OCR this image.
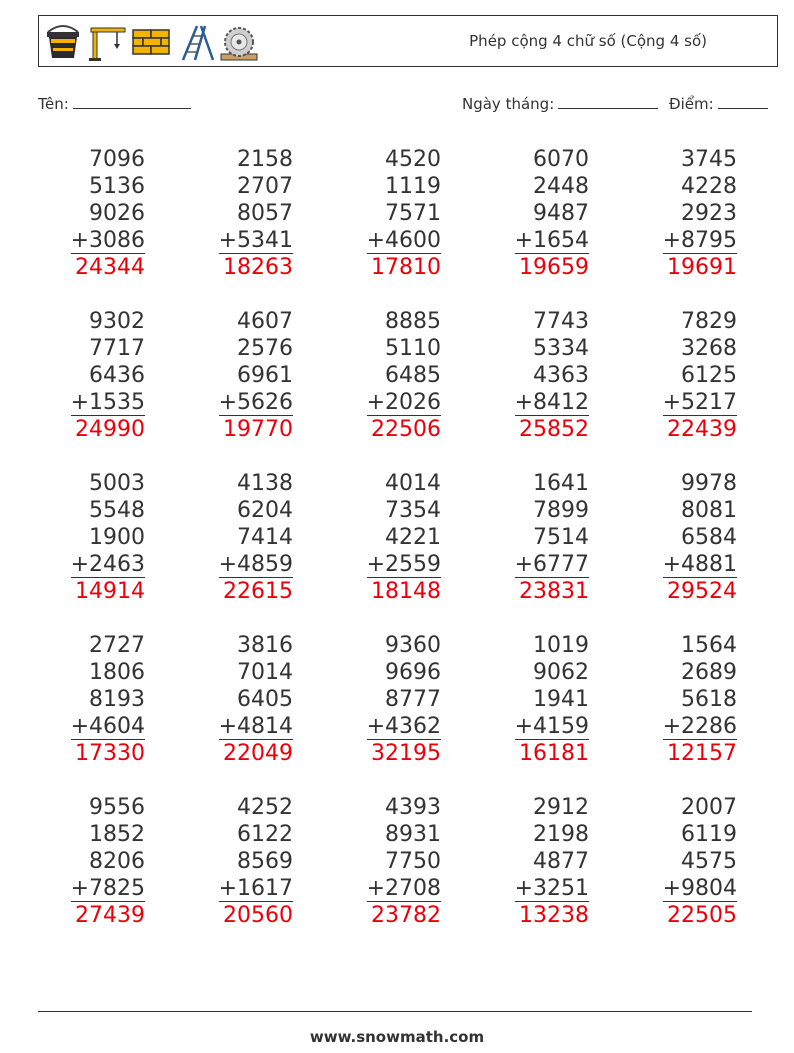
Phép cộng 4 chữ số (Cộng 4 số)
Tên:	Ngày tháng:	Điểm:
7096
5136
9026
+3086
24344
2158
2707
8057
+5341
18263
4520
1119
7571
+4600
17810
6070
2448
9487
+1654
19659
3745
4228
2923
+8795
19691
9302
7717
6436
+1535
24990
4607
2576
6961
+5626
19770
8885
5110
6485
+2026
22506
7743
5334
4363
+8412
25852
7829
3268
6125
+5217
22439
5003
5548
1900
+2463
14914
4138
6204
7414
+4859
22615
4014
7354
4221
+2559
18148
1641
7899
7514
+6777
23831
9978
8081
6584
+4881
29524
2727
1806
8193
+4604
17330
3816
7014
6405
+4814
22049
9360
9696
8777
+4362
32195
1019
9062
1941
+4159
16181
1564
2689
5618
+2286
12157
9556
1852
8206
+7825
27439
4252
6122
8569
+1617
20560
4393
8931
7750
+2708
23782
2912
2198
4877
+3251
13238
2007
6119
4575
+9804
22505
www.snowmath.com
